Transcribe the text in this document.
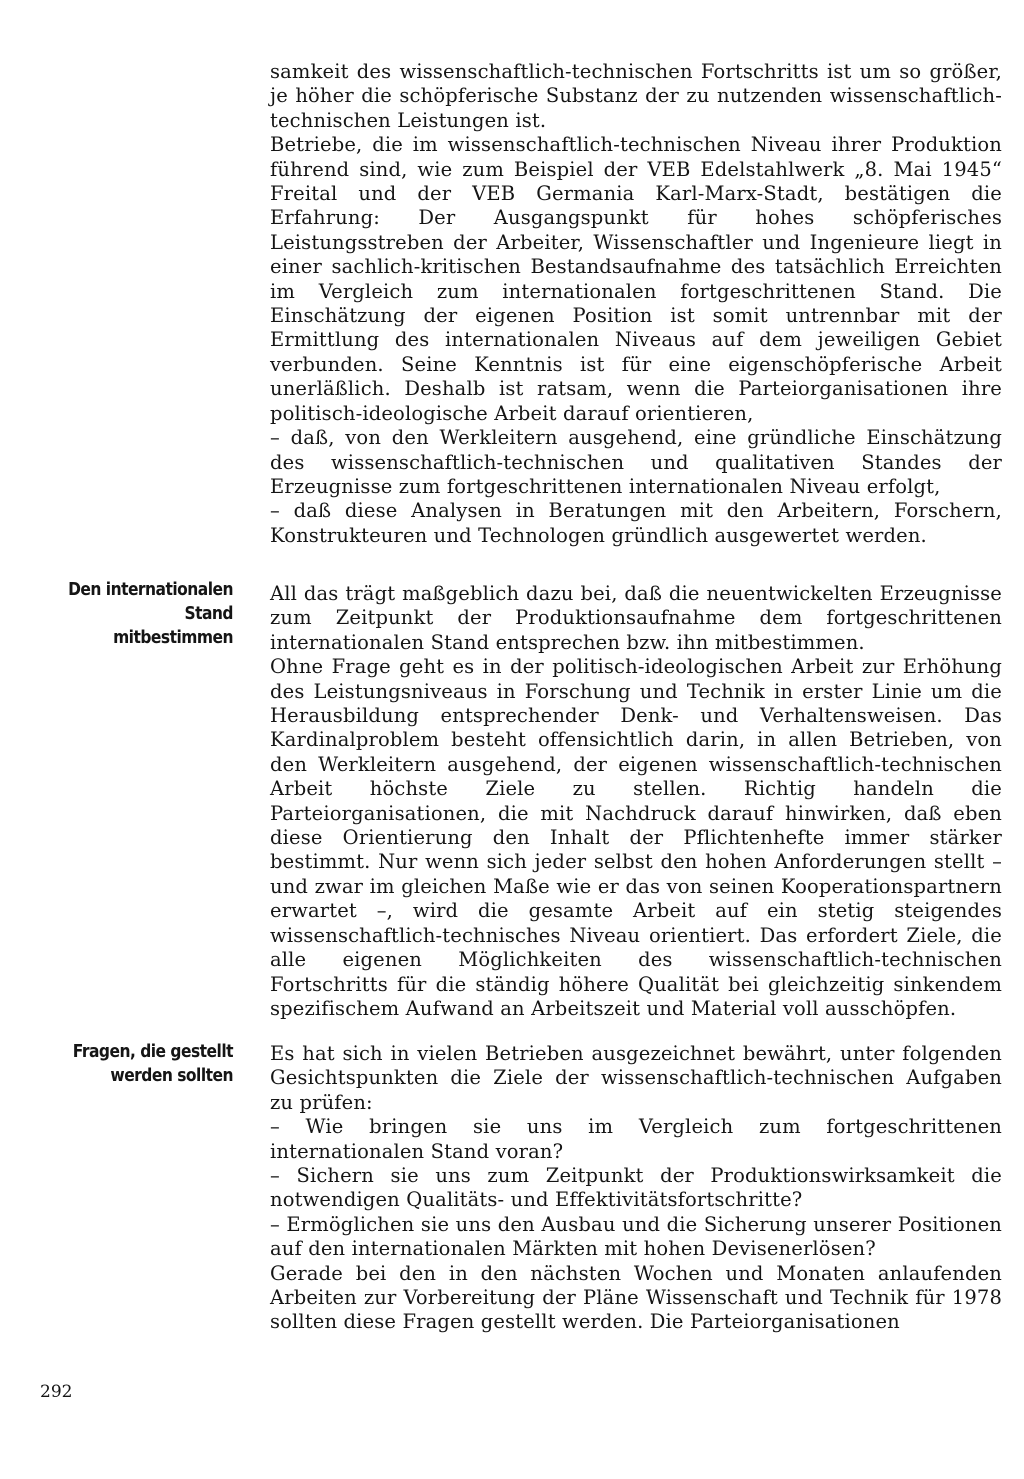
samkeit des wissenschaftlich-technischen Fortschritts ist um so größer, je höher die schöpferische Substanz der zu nutzenden wissenschaftlich-technischen Leistungen ist.

Betriebe, die im wissenschaftlich-technischen Niveau ihrer Produktion führend sind, wie zum Beispiel der VEB Edelstahlwerk „8. Mai 1945“ Freital und der VEB Germania Karl-Marx-Stadt, bestätigen die Erfahrung: Der Ausgangspunkt für hohes schöpferisches Leistungsstreben der Arbeiter, Wissenschaftler und Ingenieure liegt in einer sachlich-kritischen Bestandsaufnahme des tatsächlich Erreichten im Vergleich zum internationalen fortgeschrittenen Stand. Die Einschätzung der eigenen Position ist somit untrennbar mit der Ermittlung des internationalen Niveaus auf dem jeweiligen Gebiet verbunden. Seine Kenntnis ist für eine eigenschöpferische Arbeit unerläßlich. Deshalb ist ratsam, wenn die Parteiorganisationen ihre politisch-ideologische Arbeit darauf orientieren,

– daß, von den Werkleitern ausgehend, eine gründliche Einschätzung des wissenschaftlich-technischen und qualitativen Standes der Erzeugnisse zum fortgeschrittenen internationalen Niveau erfolgt,

– daß diese Analysen in Beratungen mit den Arbeitern, Forschern, Konstrukteuren und Technologen gründlich ausgewertet werden.

Den internationalen
Stand
mitbestimmen

All das trägt maßgeblich dazu bei, daß die neuentwickelten Erzeugnisse zum Zeitpunkt der Produktionsaufnahme dem fortgeschrittenen internationalen Stand entsprechen bzw. ihn mitbestimmen.

Ohne Frage geht es in der politisch-ideologischen Arbeit zur Erhöhung des Leistungsniveaus in Forschung und Technik in erster Linie um die Herausbildung entsprechender Denk- und Verhaltensweisen. Das Kardinalproblem besteht offensichtlich darin, in allen Betrieben, von den Werkleitern ausgehend, der eigenen wissenschaftlich-technischen Arbeit höchste Ziele zu stellen. Richtig handeln die Parteiorganisationen, die mit Nachdruck darauf hinwirken, daß eben diese Orientierung den Inhalt der Pflichtenhefte immer stärker bestimmt. Nur wenn sich jeder selbst den hohen Anforderungen stellt – und zwar im gleichen Maße wie er das von seinen Kooperationspartnern erwartet –, wird die gesamte Arbeit auf ein stetig steigendes wissenschaftlich-technisches Niveau orientiert. Das erfordert Ziele, die alle eigenen Möglichkeiten des wissenschaftlich-technischen Fortschritts für die ständig höhere Qualität bei gleichzeitig sinkendem spezifischem Aufwand an Arbeitszeit und Material voll ausschöpfen.

Fragen, die gestellt
werden sollten

Es hat sich in vielen Betrieben ausgezeichnet bewährt, unter folgenden Gesichtspunkten die Ziele der wissenschaftlich-technischen Aufgaben zu prüfen:

– Wie bringen sie uns im Vergleich zum fortgeschrittenen internationalen Stand voran?

– Sichern sie uns zum Zeitpunkt der Produktionswirksamkeit die notwendigen Qualitäts- und Effektivitätsfortschritte?

– Ermöglichen sie uns den Ausbau und die Sicherung unserer Positionen auf den internationalen Märkten mit hohen Devisenerlösen?

Gerade bei den in den nächsten Wochen und Monaten anlaufenden Arbeiten zur Vorbereitung der Pläne Wissenschaft und Technik für 1978 sollten diese Fragen gestellt werden. Die Parteiorganisationen

292
